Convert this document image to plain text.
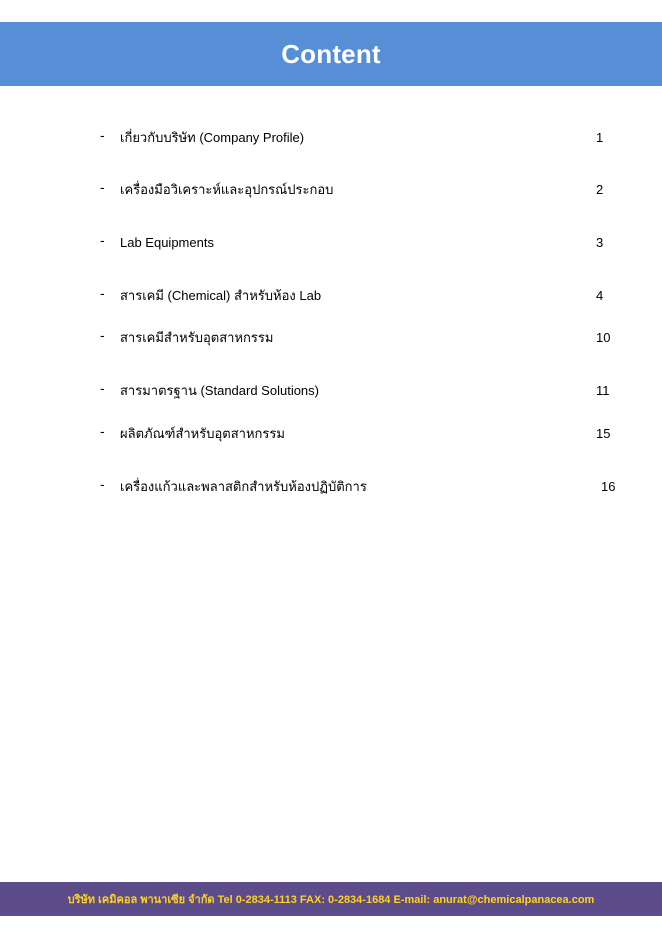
Content
- เกี่ยวกับบริษัท (Company Profile)	1
- เครื่องมือวิเคราะห์และอุปกรณ์ประกอบ	2
- Lab Equipments	3
- สารเคมี (Chemical) สำหรับห้อง Lab	4
- สารเคมีสำหรับอุตสาหกรรม	10
- สารมาตรฐาน (Standard Solutions)	11
- ผลิตภัณฑ์สำหรับอุตสาหกรรม	15
- เครื่องแก้วและพลาสติกสำหรับห้องปฏิบัติการ	16
บริษัท เคมิคอล พานาเซีย จำกัด Tel 0-2834-1113 FAX: 0-2834-1684 E-mail: anurat@chemicalpanacea.com
